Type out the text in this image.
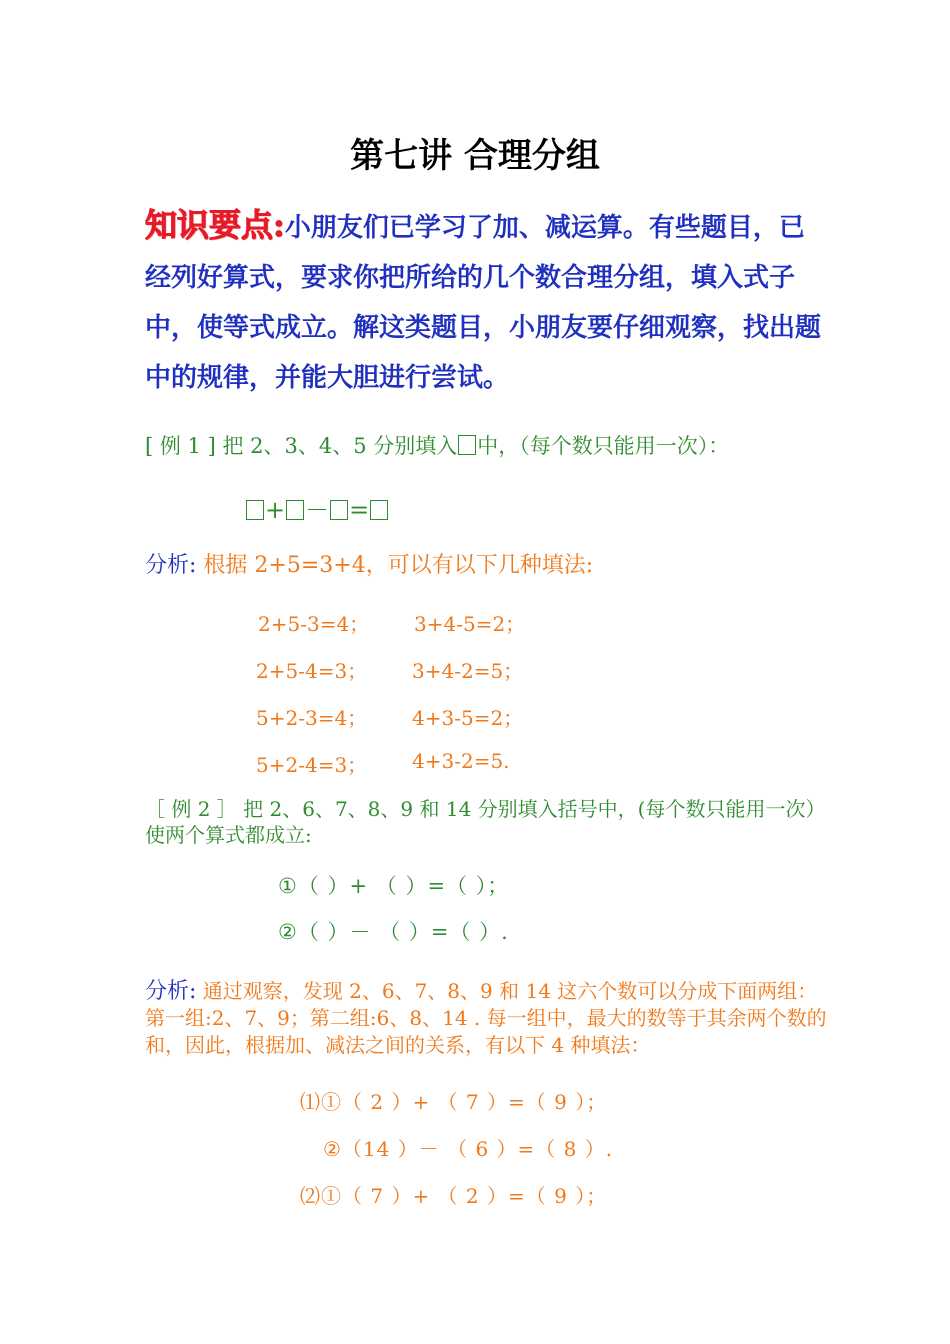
第七讲 合理分组
知识要点:小朋友们已学习了加、减运算。有些题目，已经列好算式，要求你把所给的几个数合理分组，填入式子中，使等式成立。解这类题目，小朋友要仔细观察，找出题中的规律，并能大胆进行尝试。
[ 例 1 ] 把 2、3、4、5 分别填入 中，（每个数只能用一次）：
+ － =
分析: 根据 2+5=3+4，可以有以下几种填法:
2+5-3=4； 3+4-5=2；
2+5-4=3； 3+4-2=5；
5+2-3=4； 4+3-5=2；
5+2-4=3； 4+3-2=5.
［ 例 2 ］ 把 2、6、7、8、9 和 14 分别填入括号中，(每个数只能用一次）使两个算式都成立:
①（ ）+ （ ）=（ ）；
②（ ）－ （ ）=（ ）.
分析: 通过观察，发现 2、6、7、8、9 和 14 这六个数可以分成下面两组：第一组:2、7、9；第二组:6、8、14 . 每一组中，最大的数等于其余两个数的和，因此，根据加、减法之间的关系，有以下 4 种填法：
⑴①（ 2 ）+ （ 7 ）=（ 9 ）；
②（14 ）－ （ 6 ）=（ 8 ）.
⑵①（ 7 ）+ （ 2 ）=（ 9 ）；
